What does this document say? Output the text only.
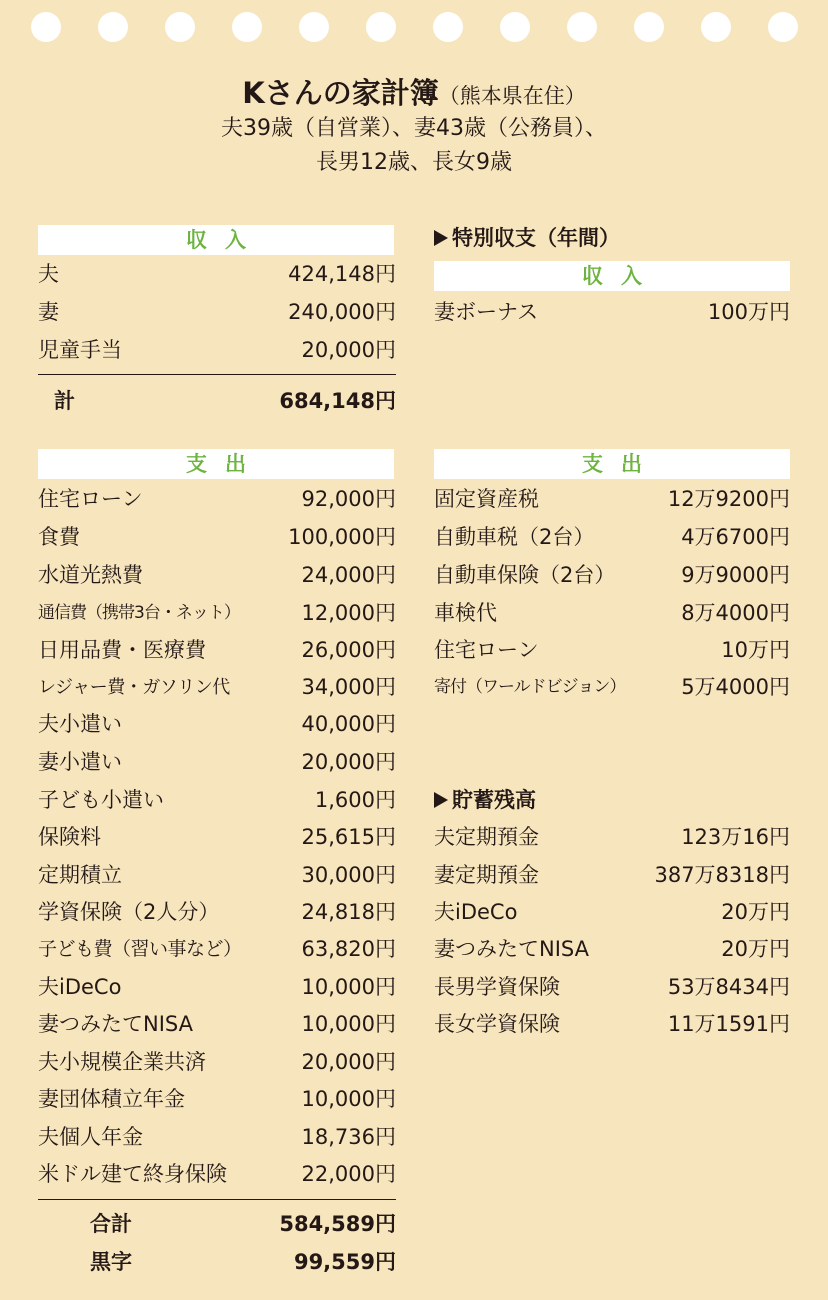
Kさんの家計簿（熊本県在住）
夫39歳（自営業）、妻43歳（公務員）、
長男12歳、長女9歳
収入
夫	424,148円
妻	240,000円
児童手当	20,000円
計	684,148円
支出
住宅ローン	92,000円
食費	100,000円
水道光熱費	24,000円
通信費（携帯3台・ネット）	12,000円
日用品費・医療費	26,000円
レジャー費・ガソリン代	34,000円
夫小遣い	40,000円
妻小遣い	20,000円
子ども小遣い	1,600円
保険料	25,615円
定期積立	30,000円
学資保険（2人分）	24,818円
子ども費（習い事など）	63,820円
夫iDeCo	10,000円
妻つみたてNISA	10,000円
夫小規模企業共済	20,000円
妻団体積立年金	10,000円
夫個人年金	18,736円
米ドル建て終身保険	22,000円
合計	584,589円
黒字	99,559円
特別収支（年間）
収入
妻ボーナス	100万円
支出
固定資産税	12万9200円
自動車税（2台）	4万6700円
自動車保険（2台）	9万9000円
車検代	8万4000円
住宅ローン	10万円
寄付（ワールドビジョン）	5万4000円
貯蓄残高
夫定期預金	123万16円
妻定期預金	387万8318円
夫iDeCo	20万円
妻つみたてNISA	20万円
長男学資保険	53万8434円
長女学資保険	11万1591円
